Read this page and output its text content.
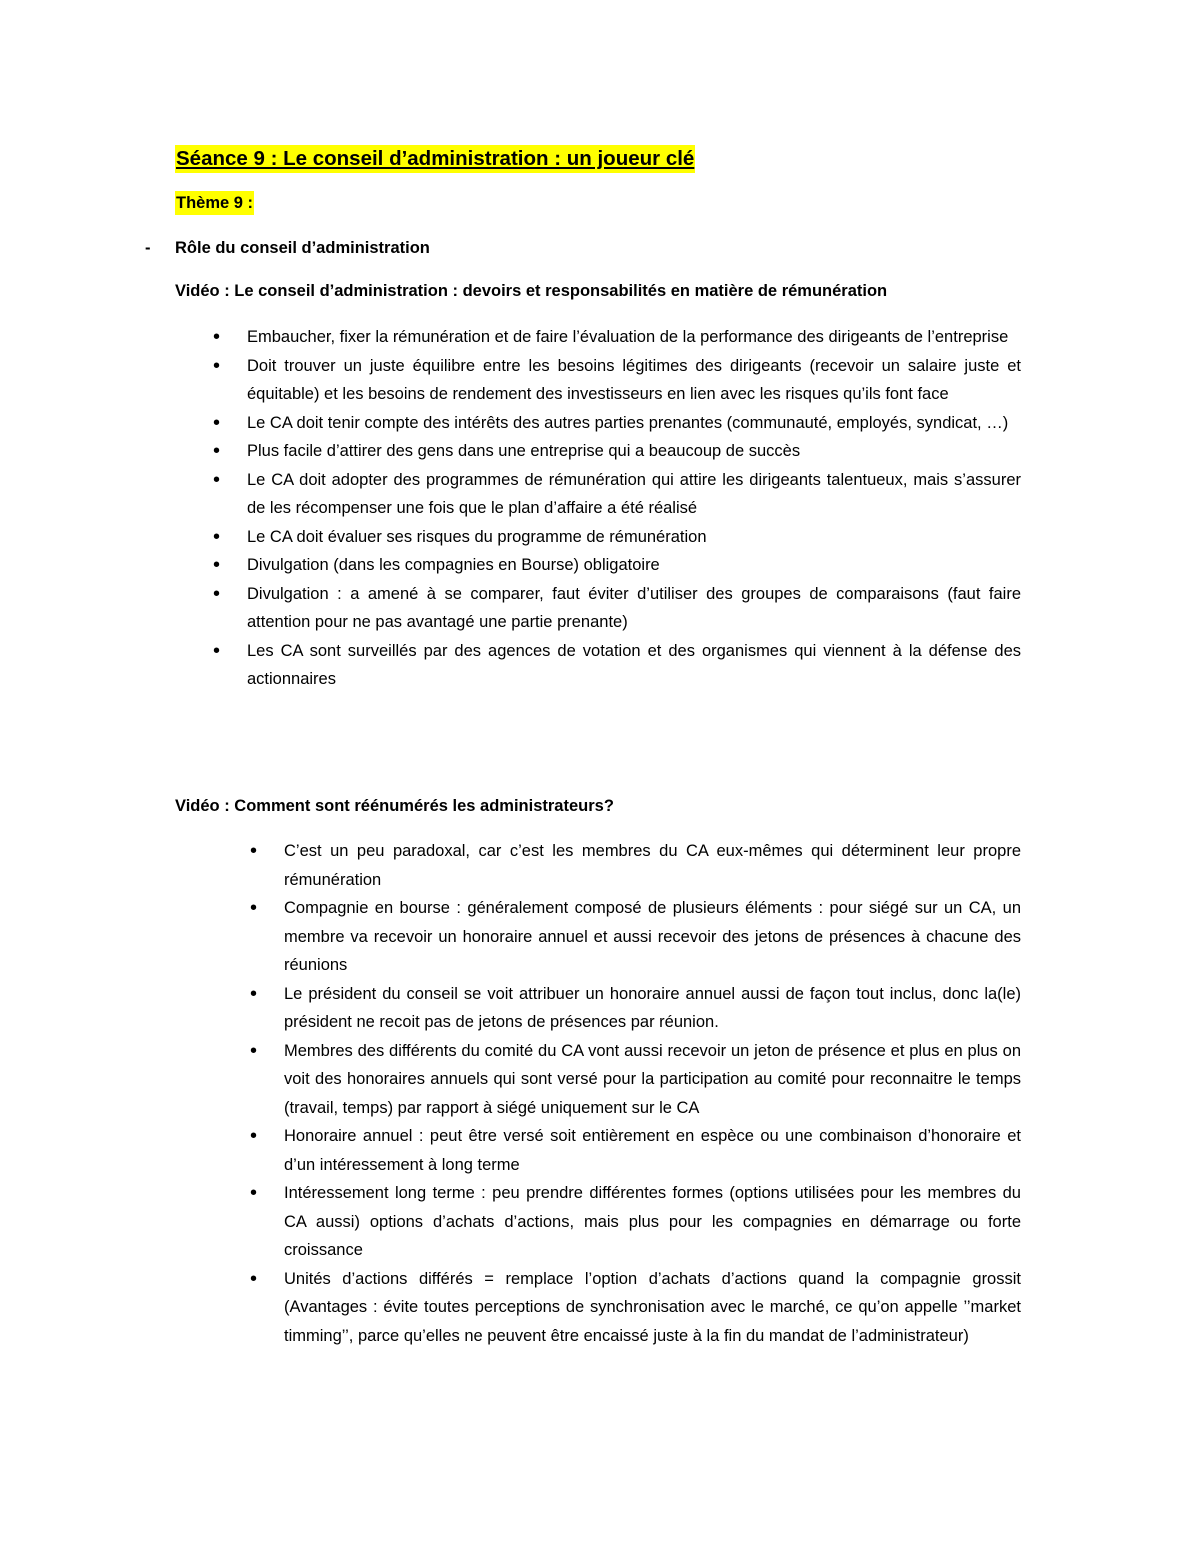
Séance 9 : Le conseil d’administration : un joueur clé
Thème 9 :
- Rôle du conseil d’administration
Vidéo : Le conseil d’administration : devoirs et responsabilités en matière de rémunération
• Embaucher, fixer la rémunération et de faire l’évaluation de la performance des dirigeants de l’entreprise
• Doit trouver un juste équilibre entre les besoins légitimes des dirigeants (recevoir un salaire juste et équitable) et les besoins de rendement des investisseurs en lien avec les risques qu’ils font face
• Le CA doit tenir compte des intérêts des autres parties prenantes (communauté, employés, syndicat, …)
• Plus facile d’attirer des gens dans une entreprise qui a beaucoup de succès
• Le CA doit adopter des programmes de rémunération qui attire les dirigeants talentueux, mais s’assurer de les récompenser une fois que le plan d’affaire a été réalisé
• Le CA doit évaluer ses risques du programme de rémunération
• Divulgation (dans les compagnies en Bourse) obligatoire
• Divulgation : a amené à se comparer, faut éviter d’utiliser des groupes de comparaisons (faut faire attention pour ne pas avantagé une partie prenante)
• Les CA sont surveillés par des agences de votation et des organismes qui viennent à la défense des actionnaires
Vidéo : Comment sont réénumérés les administrateurs?
• C’est un peu paradoxal, car c’est les membres du CA eux-mêmes qui déterminent leur propre rémunération
• Compagnie en bourse : généralement composé de plusieurs éléments : pour siégé sur un CA, un membre va recevoir un honoraire annuel et aussi recevoir des jetons de présences à chacune des réunions
• Le président du conseil se voit attribuer un honoraire annuel aussi de façon tout inclus, donc la(le) président ne recoit pas de jetons de présences par réunion.
• Membres des différents du comité du CA vont aussi recevoir un jeton de présence et plus en plus on voit des honoraires annuels qui sont versé pour la participation au comité pour reconnaitre le temps (travail, temps) par rapport à siégé uniquement sur le CA
• Honoraire annuel : peut être versé soit entièrement en espèce ou une combinaison d’honoraire et d’un intéressement à long terme
• Intéressement long terme : peu prendre différentes formes (options utilisées pour les membres du CA aussi) options d’achats d’actions, mais plus pour les compagnies en démarrage ou forte croissance
• Unités d’actions différés = remplace l’option d’achats d’actions quand la compagnie grossit (Avantages : évite toutes perceptions de synchronisation avec le marché, ce qu’on appelle ’’market timming’’, parce qu’elles ne peuvent être encaissé juste à la fin du mandat de l’administrateur)
